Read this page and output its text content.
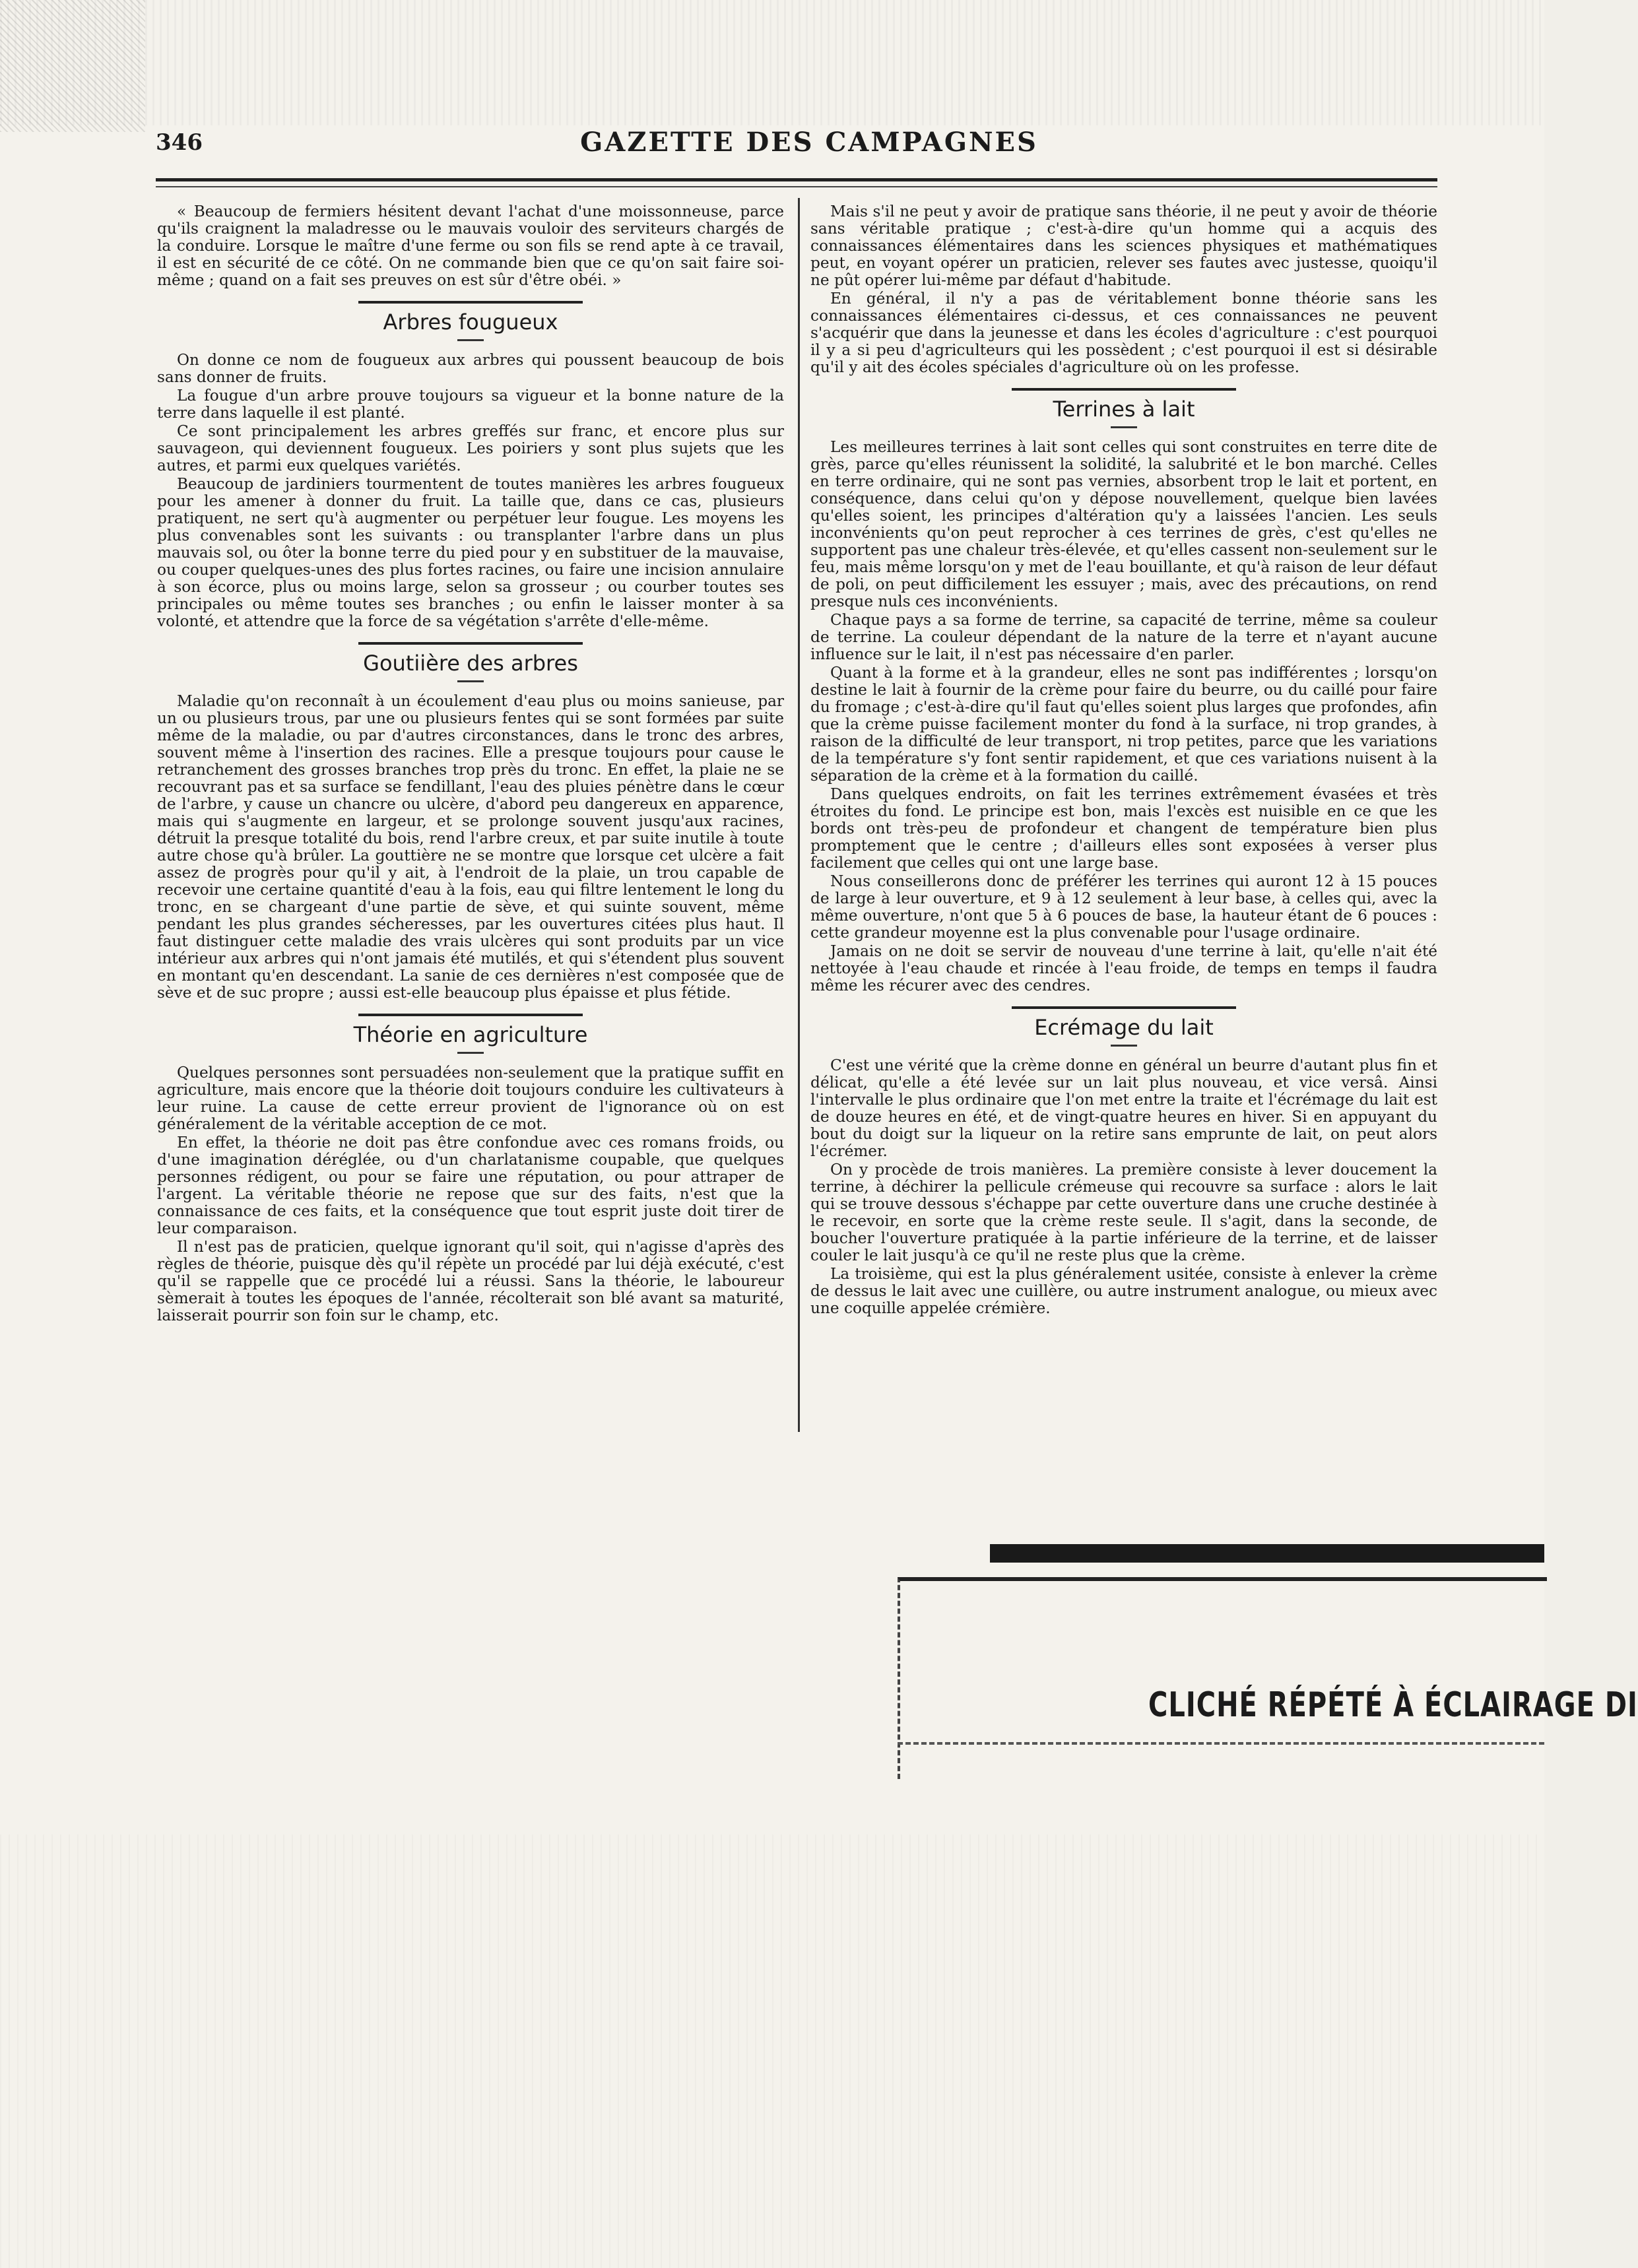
346	GAZETTE DES CAMPAGNES

« Beaucoup de fermiers hésitent devant l'achat d'une moissonneuse, parce qu'ils craignent la maladresse ou le mauvais vouloir des serviteurs chargés de la conduire. Lorsque le maître d'une ferme ou son fils se rend apte à ce travail, il est en sécurité de ce côté. On ne commande bien que ce qu'on sait faire soi-même ; quand on a fait ses preuves on est sûr d'être obéi. »

Arbres fougueux

On donne ce nom de fougueux aux arbres qui poussent beaucoup de bois sans donner de fruits.

La fougue d'un arbre prouve toujours sa vigueur et la bonne nature de la terre dans laquelle il est planté.

Ce sont principalement les arbres greffés sur franc, et encore plus sur sauvageon, qui deviennent fougueux. Les poiriers y sont plus sujets que les autres, et parmi eux quelques variétés.

Beaucoup de jardiniers tourmentent de toutes manières les arbres fougueux pour les amener à donner du fruit. La taille que, dans ce cas, plusieurs pratiquent, ne sert qu'à augmenter ou perpétuer leur fougue. Les moyens les plus convenables sont les suivants : ou transplanter l'arbre dans un plus mauvais sol, ou ôter la bonne terre du pied pour y en substituer de la mauvaise, ou couper quelques-unes des plus fortes racines, ou faire une incision annulaire à son écorce, plus ou moins large, selon sa grosseur ; ou courber toutes ses principales ou même toutes ses branches ; ou enfin le laisser monter à sa volonté, et attendre que la force de sa végétation s'arrête d'elle-même.

Goutiière des arbres

Maladie qu'on reconnaît à un écoulement d'eau plus ou moins sanieuse, par un ou plusieurs trous, par une ou plusieurs fentes qui se sont formées par suite même de la maladie, ou par d'autres circonstances, dans le tronc des arbres, souvent même à l'insertion des racines. Elle a presque toujours pour cause le retranchement des grosses branches trop près du tronc. En effet, la plaie ne se recouvrant pas et sa surface se fendillant, l'eau des pluies pénètre dans le cœur de l'arbre, y cause un chancre ou ulcère, d'abord peu dangereux en apparence, mais qui s'augmente en largeur, et se prolonge souvent jusqu'aux racines, détruit la presque totalité du bois, rend l'arbre creux, et par suite inutile à toute autre chose qu'à brûler. La gouttière ne se montre que lorsque cet ulcère a fait assez de progrès pour qu'il y ait, à l'endroit de la plaie, un trou capable de recevoir une certaine quantité d'eau à la fois, eau qui filtre lentement le long du tronc, en se chargeant d'une partie de sève, et qui suinte souvent, même pendant les plus grandes sécheresses, par les ouvertures citées plus haut. Il faut distinguer cette maladie des vrais ulcères qui sont produits par un vice intérieur aux arbres qui n'ont jamais été mutilés, et qui s'étendent plus souvent en montant qu'en descendant. La sanie de ces dernières n'est composée que de sève et de suc propre ; aussi est-elle beaucoup plus épaisse et plus fétide.

Théorie en agriculture

Quelques personnes sont persuadées non-seulement que la pratique suffit en agriculture, mais encore que la théorie doit toujours conduire les cultivateurs à leur ruine. La cause de cette erreur provient de l'ignorance où on est généralement de la véritable acception de ce mot.

En effet, la théorie ne doit pas être confondue avec ces romans froids, ou d'une imagination déréglée, ou d'un charlatanisme coupable, que quelques personnes rédigent, ou pour se faire une réputation, ou pour attraper de l'argent. La véritable théorie ne repose que sur des faits, n'est que la connaissance de ces faits, et la conséquence que tout esprit juste doit tirer de leur comparaison.

Il n'est pas de praticien, quelque ignorant qu'il soit, qui n'agisse d'après des règles de théorie, puisque dès qu'il répète un procédé par lui déjà exécuté, c'est qu'il se rappelle que ce procédé lui a réussi. Sans la théorie, le laboureur sèmerait à toutes les époques de l'année, récolterait son blé avant sa maturité, laisserait pourrir son foin sur le champ, etc.

Mais s'il ne peut y avoir de pratique sans théorie, il ne peut y avoir de théorie sans véritable pratique ; c'est-à-dire qu'un homme qui a acquis des connaissances élémentaires dans les sciences physiques et mathématiques peut, en voyant opérer un praticien, relever ses fautes avec justesse, quoiqu'il ne pût opérer lui-même par défaut d'habitude.

En général, il n'y a pas de véritablement bonne théorie sans les connaissances élémentaires ci-dessus, et ces connaissances ne peuvent s'acquérir que dans la jeunesse et dans les écoles d'agriculture : c'est pourquoi il y a si peu d'agriculteurs qui les possèdent ; c'est pourquoi il est si désirable qu'il y ait des écoles spéciales d'agriculture où on les professe.

Terrines à lait

Les meilleures terrines à lait sont celles qui sont construites en terre dite de grès, parce qu'elles réunissent la solidité, la salubrité et le bon marché. Celles en terre ordinaire, qui ne sont pas vernies, absorbent trop le lait et portent, en conséquence, dans celui qu'on y dépose nouvellement, quelque bien lavées qu'elles soient, les principes d'altération qu'y a laissées l'ancien. Les seuls inconvénients qu'on peut reprocher à ces terrines de grès, c'est qu'elles ne supportent pas une chaleur très-élevée, et qu'elles cassent non-seulement sur le feu, mais même lorsqu'on y met de l'eau bouillante, et qu'à raison de leur défaut de poli, on peut difficilement les essuyer ; mais, avec des précautions, on rend presque nuls ces inconvénients.

Chaque pays a sa forme de terrine, sa capacité de terrine, même sa couleur de terrine. La couleur dépendant de la nature de la terre et n'ayant aucune influence sur le lait, il n'est pas nécessaire d'en parler.

Quant à la forme et à la grandeur, elles ne sont pas indifférentes ; lorsqu'on destine le lait à fournir de la crème pour faire du beurre, ou du caillé pour faire du fromage ; c'est-à-dire qu'il faut qu'elles soient plus larges que profondes, afin que la crème puisse facilement monter du fond à la surface, ni trop grandes, à raison de la difficulté de leur transport, ni trop petites, parce que les variations de la température s'y font sentir rapidement, et que ces variations nuisent à la séparation de la crème et à la formation du caillé.

Dans quelques endroits, on fait les terrines extrêmement évasées et très étroites du fond. Le principe est bon, mais l'excès est nuisible en ce que les bords ont très-peu de profondeur et changent de température bien plus promptement que le centre ; d'ailleurs elles sont exposées à verser plus facilement que celles qui ont une large base.

Nous conseillerons donc de préférer les terrines qui auront 12 à 15 pouces de large à leur ouverture, et 9 à 12 seulement à leur base, à celles qui, avec la même ouverture, n'ont que 5 à 6 pouces de base, la hauteur étant de 6 pouces : cette grandeur moyenne est la plus convenable pour l'usage ordinaire.

Jamais on ne doit se servir de nouveau d'une terrine à lait, qu'elle n'ait été nettoyée à l'eau chaude et rincée à l'eau froide, de temps en temps il faudra même les récurer avec des cendres.

Ecrémage du lait

C'est une vérité que la crème donne en général un beurre d'autant plus fin et délicat, qu'elle a été levée sur un lait plus nouveau, et vice versâ. Ainsi l'intervalle le plus ordinaire que l'on met entre la traite et l'écrémage du lait est de douze heures en été, et de vingt-quatre heures en hiver. Si en appuyant du bout du doigt sur la liqueur on la retire sans emprunte de lait, on peut alors l'écrémer.

On y procède de trois manières. La première consiste à lever doucement la terrine, à déchirer la pellicule crémeuse qui recouvre sa surface : alors le lait qui se trouve dessous s'échappe par cette ouverture dans une cruche destinée à le recevoir, en sorte que la crème reste seule. Il s'agit, dans la seconde, de boucher l'ouverture pratiquée à la partie inférieure de la terrine, et de laisser couler le lait jusqu'à ce qu'il ne reste plus que la crème.

La troisième, qui est la plus généralement usitée, consiste à enlever la crème de dessus le lait avec une cuillère, ou autre instrument analogue, ou mieux avec une coquille appelée crémière.

CLICHÉ RÉPÉTÉ À ÉCLAIRAGE DI
